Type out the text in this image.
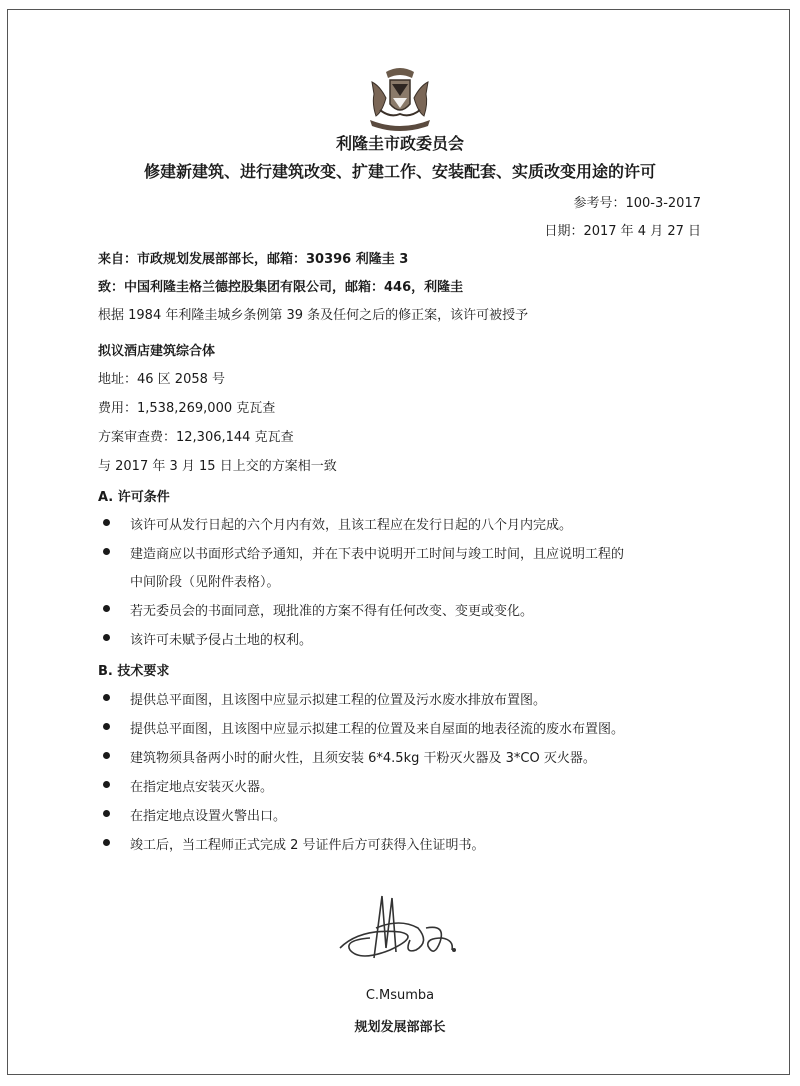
利隆圭市政委员会
修建新建筑、进行建筑改变、扩建工作、安装配套、实质改变用途的许可
参考号：100-3-2017
日期：2017 年 4 月 27 日
来自：市政规划发展部部长，邮箱：30396 利隆圭 3
致：中国利隆圭格兰德控股集团有限公司，邮箱：446，利隆圭
根据 1984 年利隆圭城乡条例第 39 条及任何之后的修正案，该许可被授予
拟议酒店建筑综合体
地址：46 区 2058 号
费用：1,538,269,000 克瓦查
方案审查费：12,306,144 克瓦查
与 2017 年 3 月 15 日上交的方案相一致
A. 许可条件
该许可从发行日起的六个月内有效，且该工程应在发行日起的八个月内完成。
建造商应以书面形式给予通知，并在下表中说明开工时间与竣工时间，且应说明工程的
中间阶段（见附件表格）。
若无委员会的书面同意，现批准的方案不得有任何改变、变更或变化。
该许可未赋予侵占土地的权利。
B. 技术要求
提供总平面图，且该图中应显示拟建工程的位置及污水废水排放布置图。
提供总平面图，且该图中应显示拟建工程的位置及来自屋面的地表径流的废水布置图。
建筑物须具备两小时的耐火性，且须安装 6*4.5kg 干粉灭火器及 3*CO 灭火器。
在指定地点安装灭火器。
在指定地点设置火警出口。
竣工后，当工程师正式完成 2 号证件后方可获得入住证明书。
C.Msumba
规划发展部部长
